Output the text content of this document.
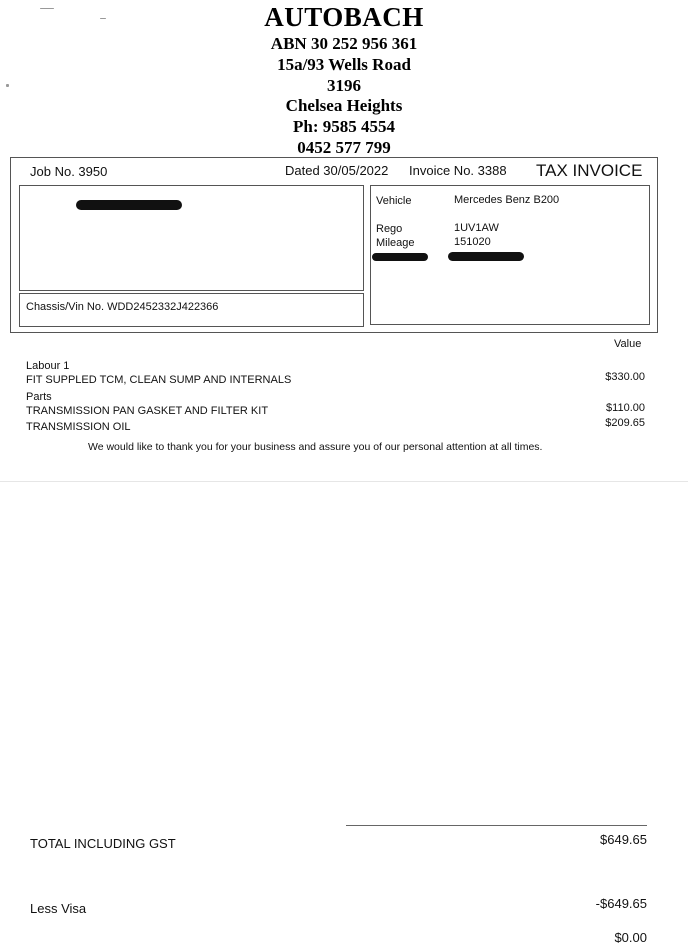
AUTOBACH
ABN 30 252 956 361
15a/93 Wells Road
3196
Chelsea Heights
Ph: 9585 4554
0452 577 799
Job No. 3950	Dated 30/05/2022 Invoice No. 3388 TAX INVOICE
Chassis/Vin No. WDD2452332J422366
Vehicle	Mercedes Benz B200
Rego	1UV1AW
Mileage	151020
Value
Labour 1
FIT SUPPLED TCM, CLEAN SUMP AND INTERNALS	$330.00
Parts
TRANSMISSION PAN GASKET AND FILTER KIT	$110.00
TRANSMISSION OIL	$209.65
We would like to thank you for your business and assure you of our personal attention at all times.
TOTAL INCLUDING GST	$649.65
Less Visa	-$649.65
$0.00
